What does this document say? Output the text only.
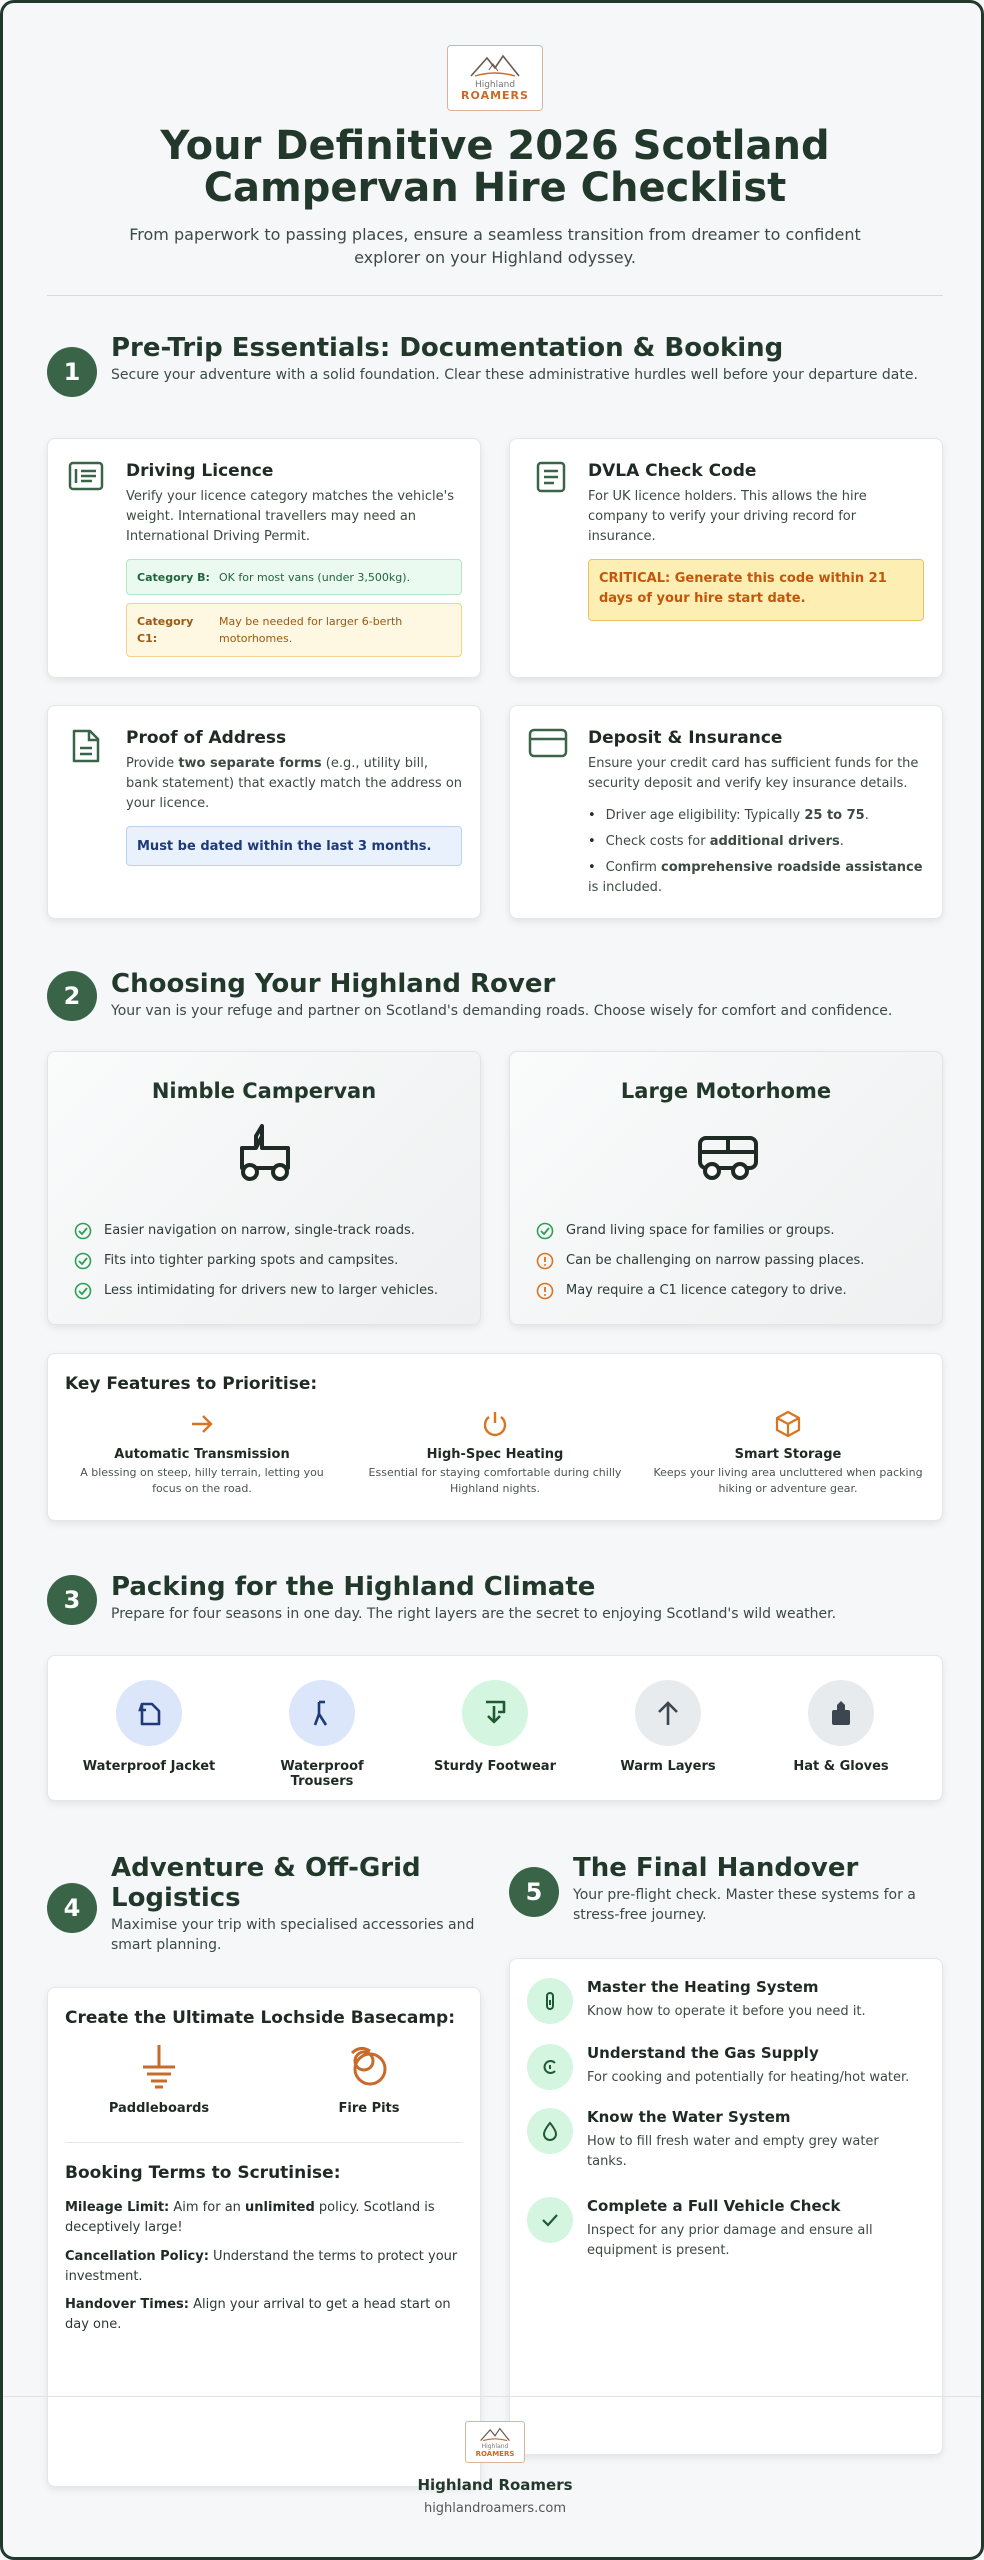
Highland
ROAMERS
Your Definitive 2026 Scotland Campervan Hire Checklist
From paperwork to passing places, ensure a seamless transition from dreamer to confident explorer on your Highland odyssey.
1
Pre-Trip Essentials: Documentation & Booking
Secure your adventure with a solid foundation. Clear these administrative hurdles well before your departure date.
Driving Licence
Verify your licence category matches the vehicle's weight. International travellers may need an International Driving Permit.
Category B: OK for most vans (under 3,500kg).
Category C1:
May be needed for larger 6-berth motorhomes.
DVLA Check Code
For UK licence holders. This allows the hire company to verify your driving record for insurance.
CRITICAL: Generate this code within 21 days of your hire start date.
Proof of Address
Provide two separate forms (e.g., utility bill, bank statement) that exactly match the address on your licence.
Must be dated within the last 3 months.
Deposit & Insurance
Ensure your credit card has sufficient funds for the security deposit and verify key insurance details.
• Driver age eligibility: Typically 25 to 75.
• Check costs for additional drivers.
• Confirm comprehensive roadside assistance is included.
2	Choosing Your Highland Rover
Your van is your refuge and partner on Scotland's demanding roads. Choose wisely for comfort and confidence.
Nimble Campervan
Easier navigation on narrow, single-track roads.
Fits into tighter parking spots and campsites.
Less intimidating for drivers new to larger vehicles.
Large Motorhome
Grand living space for families or groups.
Can be challenging on narrow passing places.
May require a C1 licence category to drive.
Key Features to Prioritise:
Automatic Transmission
A blessing on steep, hilly terrain, letting you focus on the road.
High-Spec Heating
Essential for staying comfortable during chilly Highland nights.
Smart Storage
Keeps your living area uncluttered when packing hiking or adventure gear.
3	Packing for the Highland Climate
Prepare for four seasons in one day. The right layers are the secret to enjoying Scotland's wild weather.
Waterproof Jacket	Waterproof Trousers
Sturdy Footwear	Warm Layers	Hat & Gloves
4
Adventure & Off-Grid Logistics
Maximise your trip with specialised accessories and smart planning.
Create the Ultimate Lochside Basecamp:
Paddleboards	Fire Pits
Booking Terms to Scrutinise:
Mileage Limit: Aim for an unlimited policy. Scotland is deceptively large!
Cancellation Policy: Understand the terms to protect your investment.
Handover Times: Align your arrival to get a head start on day one.
5
The Final Handover
Your pre-flight check. Master these systems for a stress-free journey.
Master the Heating System
Know how to operate it before you need it.
Understand the Gas Supply
For cooking and potentially for heating/hot water.
Know the Water System
How to fill fresh water and empty grey water tanks.
Complete a Full Vehicle Check
Inspect for any prior damage and ensure all equipment is present.
Highland
ROAMERS
Highland Roamers
highlandroamers.com
